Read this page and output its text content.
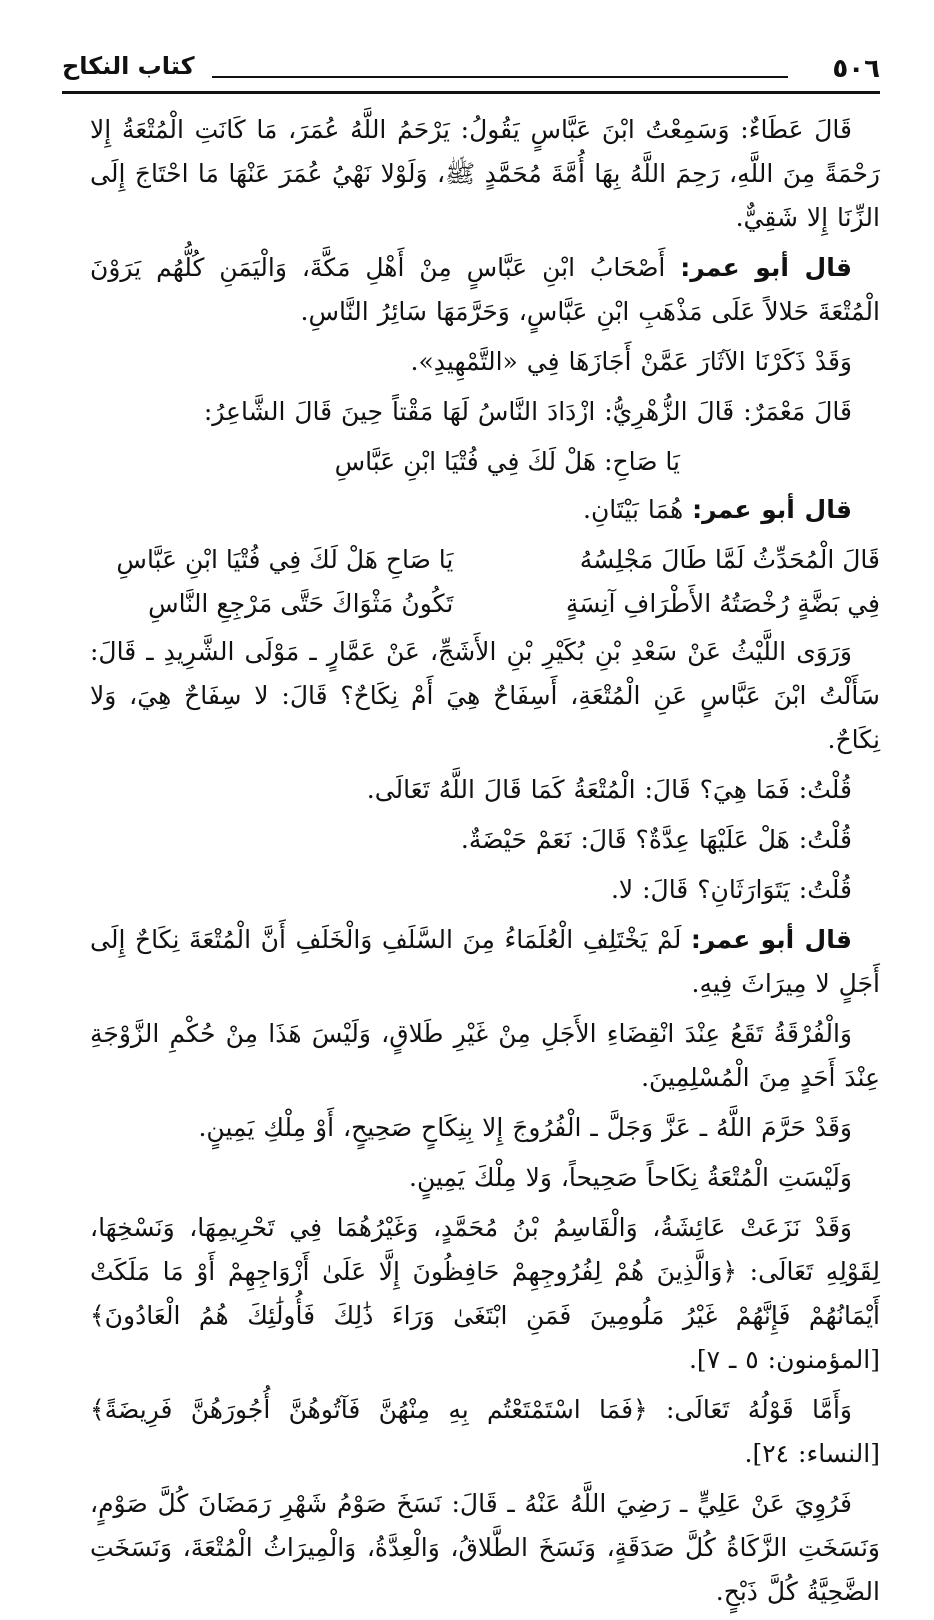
٥٠٦
كتاب النكاح

قَالَ عَطَاءٌ: وَسَمِعْتُ ابْنَ عَبَّاسٍ يَقُولُ: يَرْحَمُ اللَّهُ عُمَرَ، مَا كَانَتِ الْمُتْعَةُ إِلا رَحْمَةً مِنَ اللَّهِ، رَحِمَ اللَّهُ بِهَا أُمَّةَ مُحَمَّدٍ ﷺ، وَلَوْلا نَهْيُ عُمَرَ عَنْهَا مَا احْتَاجَ إِلَى الزِّنَا إِلا شَقِيٌّ.

قال أبو عمر: أَصْحَابُ ابْنِ عَبَّاسٍ مِنْ أَهْلِ مَكَّةَ، وَالْيَمَنِ كُلُّهُم يَرَوْنَ الْمُتْعَةَ حَلالاً عَلَى مَذْهَبِ ابْنِ عَبَّاسٍ، وَحَرَّمَهَا سَائِرُ النَّاسِ.

وَقَدْ ذَكَرْنَا الآثَارَ عَمَّنْ أَجَازَهَا فِي «التَّمْهِيدِ».

قَالَ مَعْمَرٌ: قَالَ الزُّهْرِيُّ: ازْدَادَ النَّاسُ لَهَا مَقْتاً حِينَ قَالَ الشَّاعِرُ:

يَا صَاحِ: هَلْ لَكَ فِي فُتْيَا ابْنِ عَبَّاسِ

قال أبو عمر: هُمَا بَيْتَانِ.

قَالَ الْمُحَدِّثُ لَمَّا طَالَ مَجْلِسُهُ
يَا صَاحِ هَلْ لَكَ فِي فُتْيَا ابْنِ عَبَّاسِ
فِي بَضَّةٍ رُخْصَتُهُ الأَطْرَافِ آنِسَةٍ
تَكُونُ مَثْوَاكَ حَتَّى مَرْجِعِ النَّاسِ

وَرَوَى اللَّيْثُ عَنْ سَعْدِ بْنِ بُكَيْرِ بْنِ الأَشَجِّ، عَنْ عَمَّارٍ ـ مَوْلَى الشَّرِيدِ ـ قَالَ: سَأَلْتُ ابْنَ عَبَّاسٍ عَنِ الْمُتْعَةِ، أَسِفَاحٌ هِيَ أَمْ نِكَاحٌ؟ قَالَ: لا سِفَاحٌ هِيَ، وَلا نِكَاحٌ.

قُلْتُ: فَمَا هِيَ؟ قَالَ: الْمُتْعَةُ كَمَا قَالَ اللَّهُ تَعَالَى.

قُلْتُ: هَلْ عَلَيْهَا عِدَّةٌ؟ قَالَ: نَعَمْ حَيْضَةٌ.

قُلْتُ: يَتَوَارَثَانِ؟ قَالَ: لا.

قال أبو عمر: لَمْ يَخْتَلِفِ الْعُلَمَاءُ مِنَ السَّلَفِ وَالْخَلَفِ أَنَّ الْمُتْعَةَ نِكَاحٌ إِلَى أَجَلٍ لا مِيرَاثَ فِيهِ.

وَالْفُرْقَةُ تَقَعُ عِنْدَ انْقِضَاءِ الأَجَلِ مِنْ غَيْرِ طَلاقٍ، وَلَيْسَ هَذَا مِنْ حُكْمِ الزَّوْجَةِ عِنْدَ أَحَدٍ مِنَ الْمُسْلِمِينَ.

وَقَدْ حَرَّمَ اللَّهُ ـ عَزَّ وَجَلَّ ـ الْفُرُوجَ إِلا بِنِكَاحٍ صَحِيحٍ، أَوْ مِلْكِ يَمِينٍ.

وَلَيْسَتِ الْمُتْعَةُ نِكَاحاً صَحِيحاً، وَلا مِلْكَ يَمِينٍ.

وَقَدْ نَزَعَتْ عَائِشَةُ، وَالْقَاسِمُ بْنُ مُحَمَّدٍ، وَغَيْرُهُمَا فِي تَحْرِيمِهَا، وَنَسْخِهَا، لِقَوْلِهِ تَعَالَى: ﴿وَالَّذِينَ هُمْ لِفُرُوجِهِمْ حَافِظُونَ إِلَّا عَلَىٰ أَزْوَاجِهِمْ أَوْ مَا مَلَكَتْ أَيْمَانُهُمْ فَإِنَّهُمْ غَيْرُ مَلُومِينَ فَمَنِ ابْتَغَىٰ وَرَاءَ ذَٰلِكَ فَأُولَٰئِكَ هُمُ الْعَادُونَ﴾ [المؤمنون: ٥ ـ ٧].

وَأَمَّا قَوْلُهُ تَعَالَى: ﴿فَمَا اسْتَمْتَعْتُم بِهِ مِنْهُنَّ فَآتُوهُنَّ أُجُورَهُنَّ فَرِيضَةً﴾ [النساء: ٢٤].

فَرُوِيَ عَنْ عَلِيٍّ ـ رَضِيَ اللَّهُ عَنْهُ ـ قَالَ: نَسَخَ صَوْمُ شَهْرِ رَمَضَانَ كُلَّ صَوْمٍ، وَنَسَخَتِ الزَّكَاةُ كُلَّ صَدَقَةٍ، وَنَسَخَ الطَّلاقُ، وَالْعِدَّةُ، وَالْمِيرَاثُ الْمُتْعَةَ، وَنَسَخَتِ الضَّحِيَّةُ كُلَّ ذَبْحٍ.
